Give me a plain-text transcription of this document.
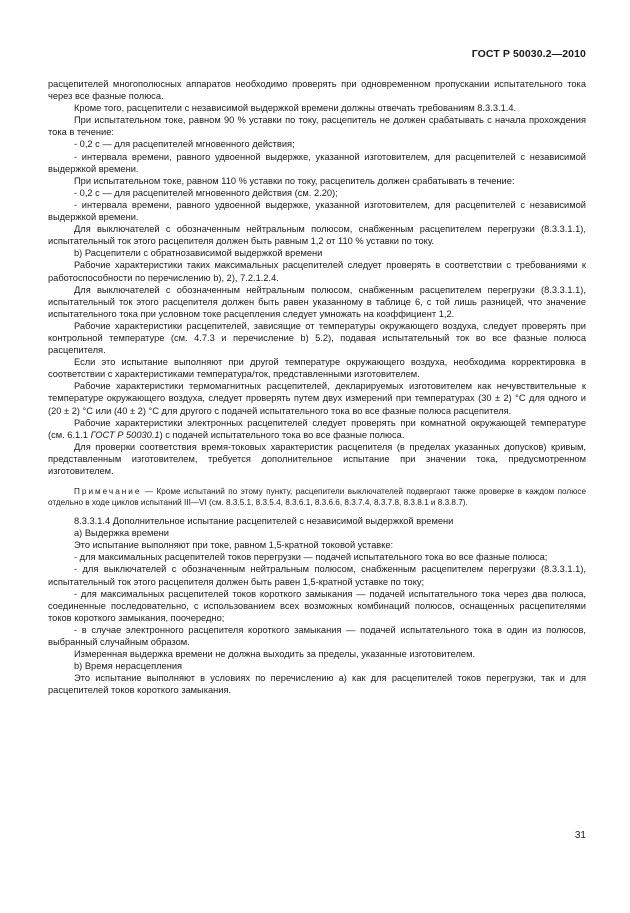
ГОСТ Р 50030.2—2010

расцепителей многополюсных аппаратов необходимо проверять при одновременном пропускании испытательного тока через все фазные полюса.

Кроме того, расцепители с независимой выдержкой времени должны отвечать требованиям 8.3.3.1.4.

При испытательном токе, равном 90 % уставки по току, расцепитель не должен срабатывать с начала прохождения тока в течение:

- 0,2 с — для расцепителей мгновенного действия;

- интервала времени, равного удвоенной выдержке, указанной изготовителем, для расцепителей с независимой выдержкой времени.

При испытательном токе, равном 110 % уставки по току, расцепитель должен срабатывать в течение:

- 0,2 с — для расцепителей мгновенного действия (см. 2.20);

- интервала времени, равного удвоенной выдержке, указанной изготовителем, для расцепителей с независимой выдержкой времени.

Для выключателей с обозначенным нейтральным полюсом, снабженным расцепителем перегрузки (8.3.3.1.1), испытательный ток этого расцепителя должен быть равным 1,2 от 110 % уставки по току.

b) Расцепители с обратнозависимой выдержкой времени

Рабочие характеристики таких максимальных расцепителей следует проверять в соответствии с требованиями к работоспособности по перечислению b), 2), 7.2.1.2.4.

Для выключателей с обозначенным нейтральным полюсом, снабженным расцепителем перегрузки (8.3.3.1.1), испытательный ток этого расцепителя должен быть равен указанному в таблице 6, с той лишь разницей, что значение испытательного тока при условном токе расцепления следует умножать на коэффициент 1,2.

Рабочие характеристики расцепителей, зависящие от температуры окружающего воздуха, следует проверять при контрольной температуре (см. 4.7.3 и перечисление b) 5.2), подавая испытательный ток во все фазные полюса расцепителя.

Если это испытание выполняют при другой температуре окружающего воздуха, необходима корректировка в соответствии с характеристиками температура/ток, представленными изготовителем.

Рабочие характеристики термомагнитных расцепителей, декларируемых изготовителем как нечувствительные к температуре окружающего воздуха, следует проверять путем двух измерений при температурах (30 ± 2) °С для одного и (20 ± 2) °С или (40 ± 2) °С для другого с подачей испытательного тока во все фазные полюса расцепителя.

Рабочие характеристики электронных расцепителей следует проверять при комнатной окружающей температуре (см. 6.1.1 ГОСТ Р 50030.1) с подачей испытательного тока во все фазные полюса.

Для проверки соответствия время-токовых характеристик расцепителя (в пределах указанных допусков) кривым, представленным изготовителем, требуется дополнительное испытание при значении тока, предусмотренном изготовителем.

Примечание — Кроме испытаний по этому пункту, расцепители выключателей подвергают также проверке в каждом полюсе отдельно в ходе циклов испытаний III—VI (см. 8.3.5.1, 8.3.5.4, 8.3.6.1, 8.3.6.6, 8.3.7.4, 8.3.7.8, 8.3.8.1 и 8.3.8.7).

8.3.3.1.4 Дополнительное испытание расцепителей с независимой выдержкой времени

а) Выдержка времени

Это испытание выполняют при токе, равном 1,5-кратной токовой уставке:

- для максимальных расцепителей токов перегрузки — подачей испытательного тока во все фазные полюса;

- для выключателей с обозначенным нейтральным полюсом, снабженным расцепителем перегрузки (8.3.3.1.1), испытательный ток этого расцепителя должен быть равен 1,5-кратной уставке по току;

- для максимальных расцепителей токов короткого замыкания — подачей испытательного тока через два полюса, соединенные последовательно, с использованием всех возможных комбинаций полюсов, оснащенных расцепителями токов короткого замыкания, поочередно;

- в случае электронного расцепителя короткого замыкания — подачей испытательного тока в один из полюсов, выбранный случайным образом.

Измеренная выдержка времени не должна выходить за пределы, указанные изготовителем.

b) Время нерасцепления

Это испытание выполняют в условиях по перечислению а) как для расцепителей токов перегрузки, так и для расцепителей токов короткого замыкания.

31
